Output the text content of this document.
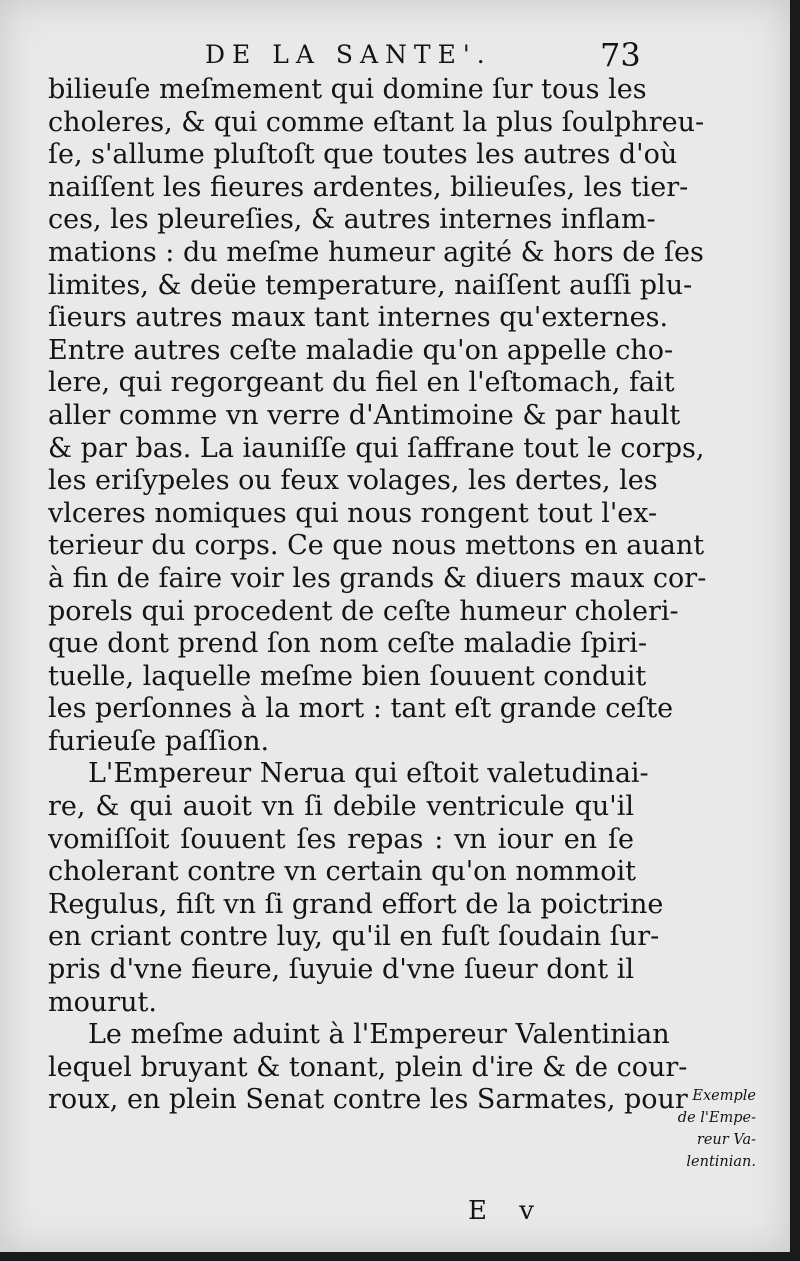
DE LA SANTE'.	73
bilieuſe meſmement qui domine ſur tous les
choleres, & qui comme eſtant la plus ſoulphreu-
ſe, s'allume pluſtoſt que toutes les autres d'où
naiſſent les fieures ardentes, bilieuſes, les tier-
ces, les pleureſies, & autres internes inflam-
mations : du meſme humeur agité & hors de ſes
limites, & deüe temperature, naiſſent auſſi plu-
ſieurs autres maux tant internes qu'externes.
Entre autres ceſte maladie qu'on appelle cho-
lere, qui regorgeant du fiel en l'eſtomach, fait
aller comme vn verre d'Antimoine & par hault
& par bas. La iauniſſe qui ſaffrane tout le corps,
les eriſypeles ou feux volages, les dertes, les
vlceres nomiques qui nous rongent tout l'ex-
terieur du corps. Ce que nous mettons en auant
à fin de faire voir les grands & diuers maux cor-
porels qui procedent de ceſte humeur choleri-
que dont prend ſon nom ceſte maladie ſpiri-
tuelle, laquelle meſme bien ſouuent conduit
les perſonnes à la mort : tant eſt grande ceſte
furieuſe paſſion.
L'Empereur Nerua qui eſtoit valetudinai-
re, & qui auoit vn ſi debile ventricule qu'il
vomiſſoit ſouuent ſes repas : vn iour en ſe
cholerant contre vn certain qu'on nommoit
Regulus, fiſt vn ſi grand effort de la poictrine
en criant contre luy, qu'il en fuſt ſoudain ſur-
pris d'vne fieure, ſuyuie d'vne ſueur dont il
mourut.
Le meſme aduint à l'Empereur Valentinian
lequel bruyant & tonant, plein d'ire & de cour-
roux, en plein Senat contre les Sarmates, pour Exemple
de l'Empe-
reur Va-
lentinian.
E v
